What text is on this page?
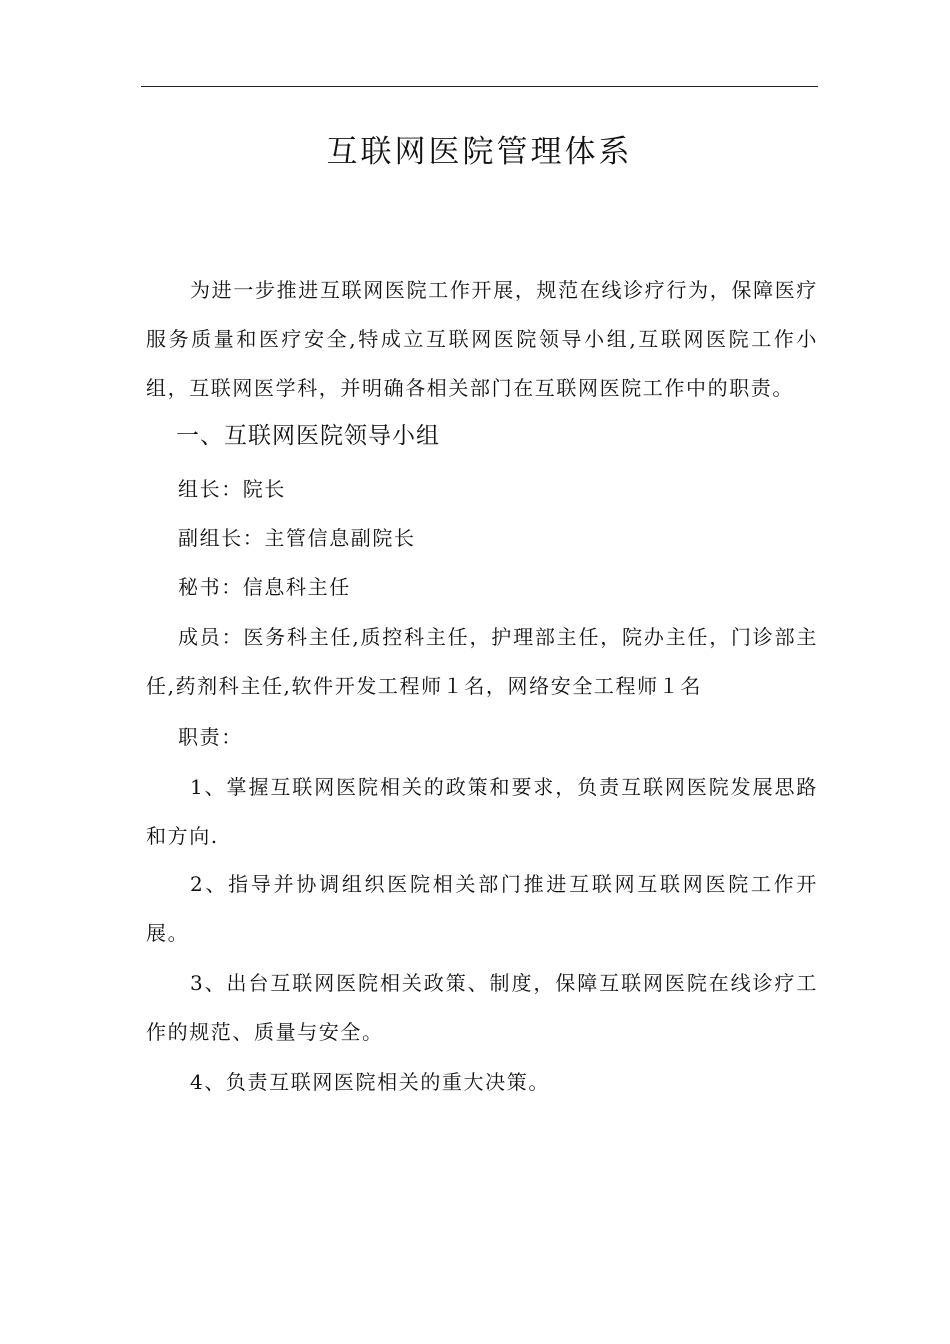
互联网医院管理体系

为进一步推进互联网医院工作开展，规范在线诊疗行为，保障医疗服务质量和医疗安全,特成立互联网医院领导小组,互联网医院工作小组，互联网医学科，并明确各相关部门在互联网医院工作中的职责。

一、互联网医院领导小组

组长：院长

副组长：主管信息副院长

秘书：信息科主任

成员：医务科主任,质控科主任，护理部主任，院办主任，门诊部主任,药剂科主任,软件开发工程师１名，网络安全工程师１名

职责：

1、掌握互联网医院相关的政策和要求，负责互联网医院发展思路和方向.

2、指导并协调组织医院相关部门推进互联网互联网医院工作开展。

3、出台互联网医院相关政策、制度，保障互联网医院在线诊疗工作的规范、质量与安全。

4、负责互联网医院相关的重大决策。
